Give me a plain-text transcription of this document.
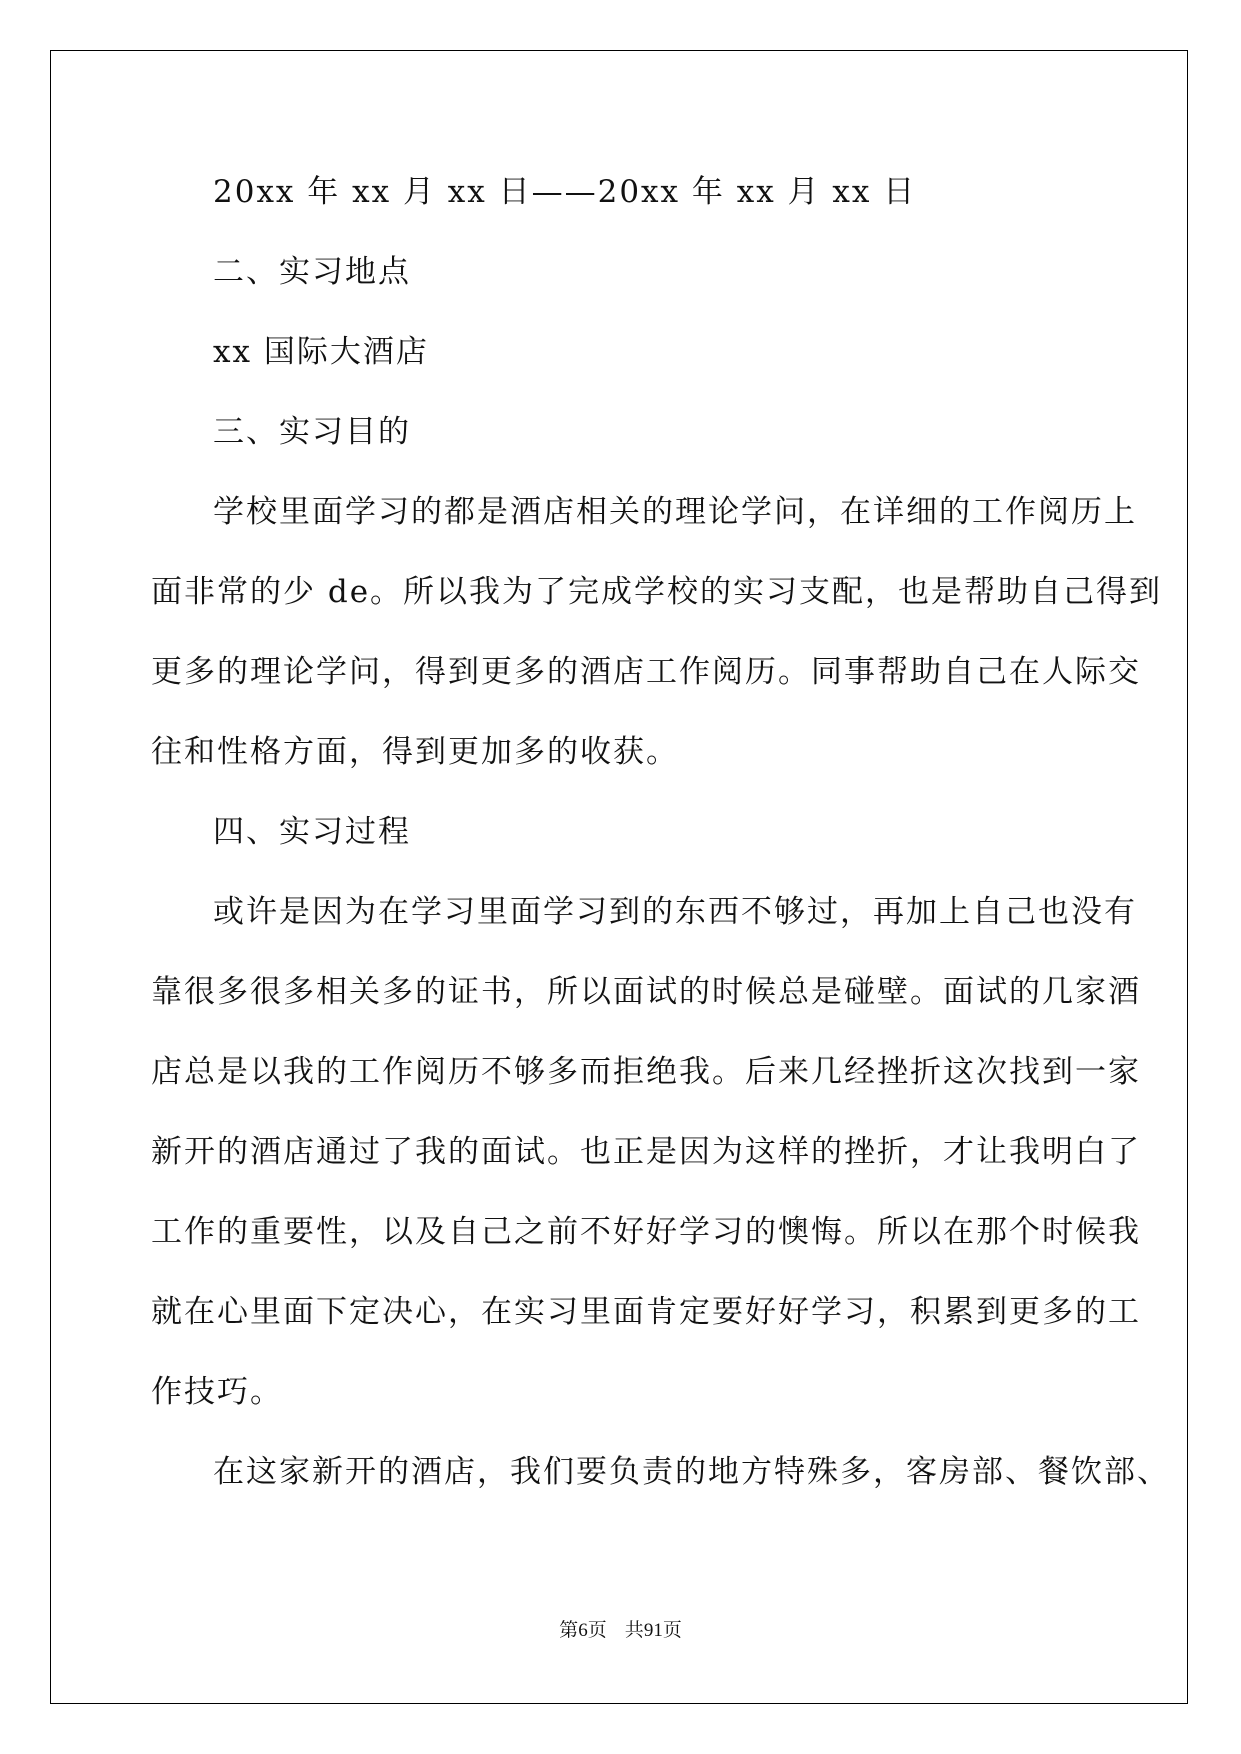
20xx 年 xx 月 xx 日——20xx 年 xx 月 xx 日
二、实习地点
xx 国际大酒店
三、实习目的
学校里面学习的都是酒店相关的理论学问，在详细的工作阅历上
面非常的少 de。所以我为了完成学校的实习支配，也是帮助自己得到
更多的理论学问，得到更多的酒店工作阅历。同事帮助自己在人际交
往和性格方面，得到更加多的收获。
四、实习过程
或许是因为在学习里面学习到的东西不够过，再加上自己也没有
靠很多很多相关多的证书，所以面试的时候总是碰壁。面试的几家酒
店总是以我的工作阅历不够多而拒绝我。后来几经挫折这次找到一家
新开的酒店通过了我的面试。也正是因为这样的挫折，才让我明白了
工作的重要性，以及自己之前不好好学习的懊悔。所以在那个时候我
就在心里面下定决心，在实习里面肯定要好好学习，积累到更多的工
作技巧。
在这家新开的酒店，我们要负责的地方特殊多，客房部、餐饮部、
第6页   共91页
